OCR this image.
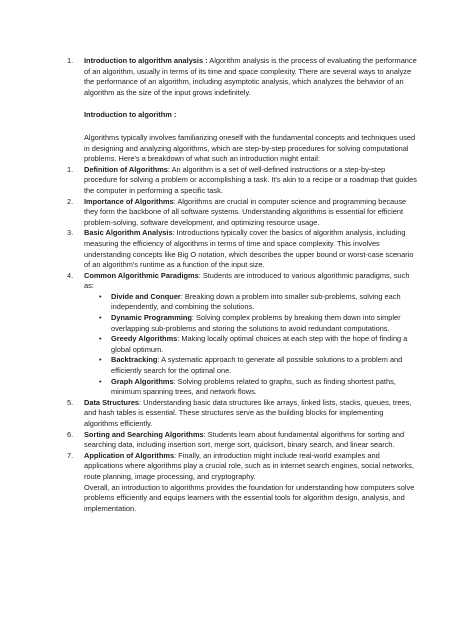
1.	Introduction to algorithm analysis : Algorithm analysis is the process of evaluating the performance of an algorithm, usually in terms of its time and space complexity. There are several ways to analyze the performance of an algorithm, including asymptotic analysis, which analyzes the behavior of an algorithm as the size of the input grows indefinitely.
Introduction to algorithm :
Algorithms typically involves familiarizing oneself with the fundamental concepts and techniques used in designing and analyzing algorithms, which are step-by-step procedures for solving computational problems. Here's a breakdown of what such an introduction might entail:
1.	Definition of Algorithms: An algorithm is a set of well-defined instructions or a step-by-step procedure for solving a problem or accomplishing a task. It's akin to a recipe or a roadmap that guides the computer in performing a specific task.
2.	Importance of Algorithms: Algorithms are crucial in computer science and programming because they form the backbone of all software systems. Understanding algorithms is essential for efficient problem-solving, software development, and optimizing resource usage.
3.	Basic Algorithm Analysis: Introductions typically cover the basics of algorithm analysis, including measuring the efficiency of algorithms in terms of time and space complexity. This involves understanding concepts like Big O notation, which describes the upper bound or worst-case scenario of an algorithm's runtime as a function of the input size.
4.	Common Algorithmic Paradigms: Students are introduced to various algorithmic paradigms, such as:
• Divide and Conquer: Breaking down a problem into smaller sub-problems, solving each independently, and combining the solutions.
• Dynamic Programming: Solving complex problems by breaking them down into simpler overlapping sub-problems and storing the solutions to avoid redundant computations.
• Greedy Algorithms: Making locally optimal choices at each step with the hope of finding a global optimum.
• Backtracking: A systematic approach to generate all possible solutions to a problem and efficiently search for the optimal one.
• Graph Algorithms: Solving problems related to graphs, such as finding shortest paths, minimum spanning trees, and network flows.
5.	Data Structures: Understanding basic data structures like arrays, linked lists, stacks, queues, trees, and hash tables is essential. These structures serve as the building blocks for implementing algorithms efficiently.
6.	Sorting and Searching Algorithms: Students learn about fundamental algorithms for sorting and searching data, including insertion sort, merge sort, quicksort, binary search, and linear search.
7.	Application of Algorithms: Finally, an introduction might include real-world examples and applications where algorithms play a crucial role, such as in internet search engines, social networks, route planning, image processing, and cryptography.
Overall, an introduction to algorithms provides the foundation for understanding how computers solve problems efficiently and equips learners with the essential tools for algorithm design, analysis, and implementation.
